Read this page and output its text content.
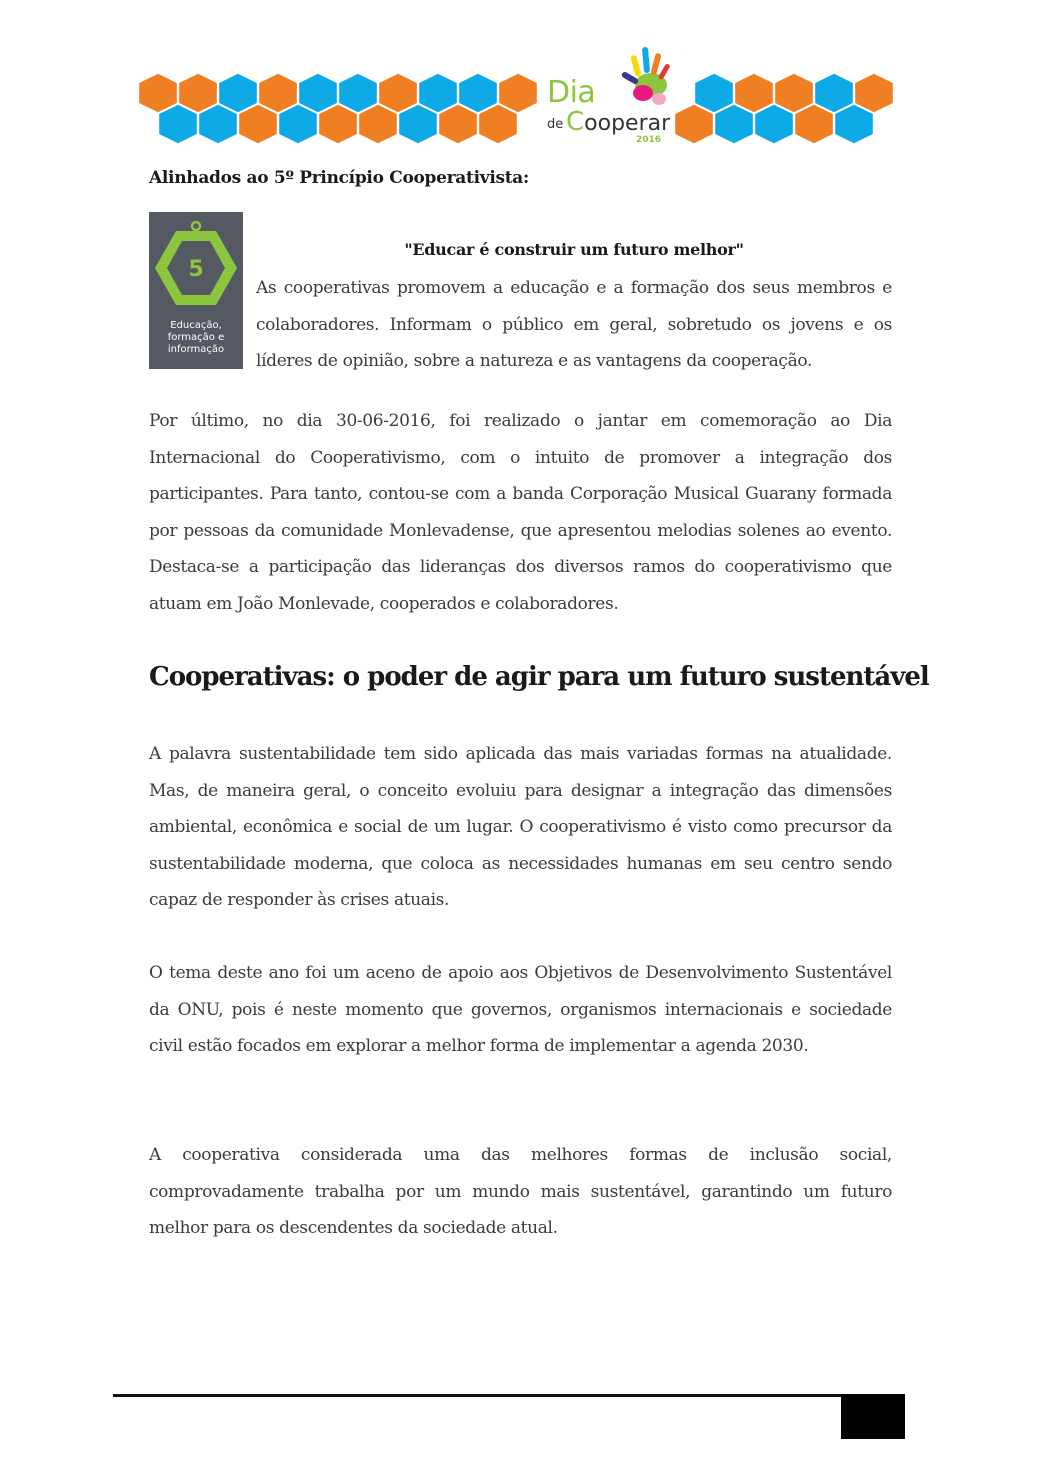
Dia
de Cooperar
2016
Alinhados ao 5º Princípio Cooperativista:
5
Educação,
formação e
informação
"Educar é construir um futuro melhor"
As cooperativas promovem a educação e a formação dos seus membros e colaboradores. Informam o público em geral, sobretudo os jovens e os líderes de opinião, sobre a natureza e as vantagens da cooperação.
Por último, no dia 30-06-2016, foi realizado o jantar em comemoração ao Dia Internacional do Cooperativismo, com o intuito de promover a integração dos participantes. Para tanto, contou-se com a banda Corporação Musical Guarany formada por pessoas da comunidade Monlevadense, que apresentou melodias solenes ao evento. Destaca-se a participação das lideranças dos diversos ramos do cooperativismo que atuam em João Monlevade, cooperados e colaboradores.
Cooperativas: o poder de agir para um futuro sustentável
A palavra sustentabilidade tem sido aplicada das mais variadas formas na atualidade. Mas, de maneira geral, o conceito evoluiu para designar a integração das dimensões ambiental, econômica e social de um lugar. O cooperativismo é visto como precursor da sustentabilidade moderna, que coloca as necessidades humanas em seu centro sendo capaz de responder às crises atuais.
O tema deste ano foi um aceno de apoio aos Objetivos de Desenvolvimento Sustentável da ONU, pois é neste momento que governos, organismos internacionais e sociedade civil estão focados em explorar a melhor forma de implementar a agenda 2030.
A cooperativa considerada uma das melhores formas de inclusão social, comprovadamente trabalha por um mundo mais sustentável, garantindo um futuro melhor para os descendentes da sociedade atual.
